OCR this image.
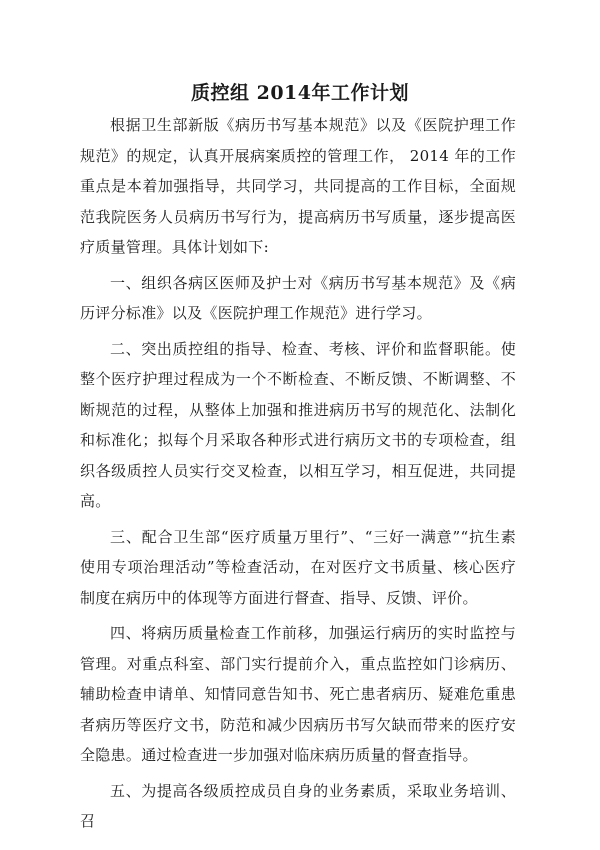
质控组 2014年工作计划

根据卫生部新版《病历书写基本规范》以及《医院护理工作规范》的规定，认真开展病案质控的管理工作， 2014 年的工作重点是本着加强指导，共同学习，共同提高的工作目标，全面规范我院医务人员病历书写行为，提高病历书写质量，逐步提高医疗质量管理。具体计划如下:

一、组织各病区医师及护士对《病历书写基本规范》及《病历评分标准》以及《医院护理工作规范》进行学习。

二、突出质控组的指导、检查、考核、评价和监督职能。使整个医疗护理过程成为一个不断检查、不断反馈、不断调整、不断规范的过程，从整体上加强和推进病历书写的规范化、法制化和标准化；拟每个月采取各种形式进行病历文书的专项检查，组织各级质控人员实行交叉检查，以相互学习，相互促进，共同提高。

三、配合卫生部“医疗质量万里行”、“三好一满意”“抗生素使用专项治理活动”等检查活动，在对医疗文书质量、核心医疗制度在病历中的体现等方面进行督查、指导、反馈、评价。

四、将病历质量检查工作前移，加强运行病历的实时监控与管理。对重点科室、部门实行提前介入，重点监控如门诊病历、辅助检查申请单、知情同意告知书、死亡患者病历、疑难危重患者病历等医疗文书，防范和减少因病历书写欠缺而带来的医疗安全隐患。通过检查进一步加强对临床病历质量的督查指导。

五、为提高各级质控成员自身的业务素质，采取业务培训、召
